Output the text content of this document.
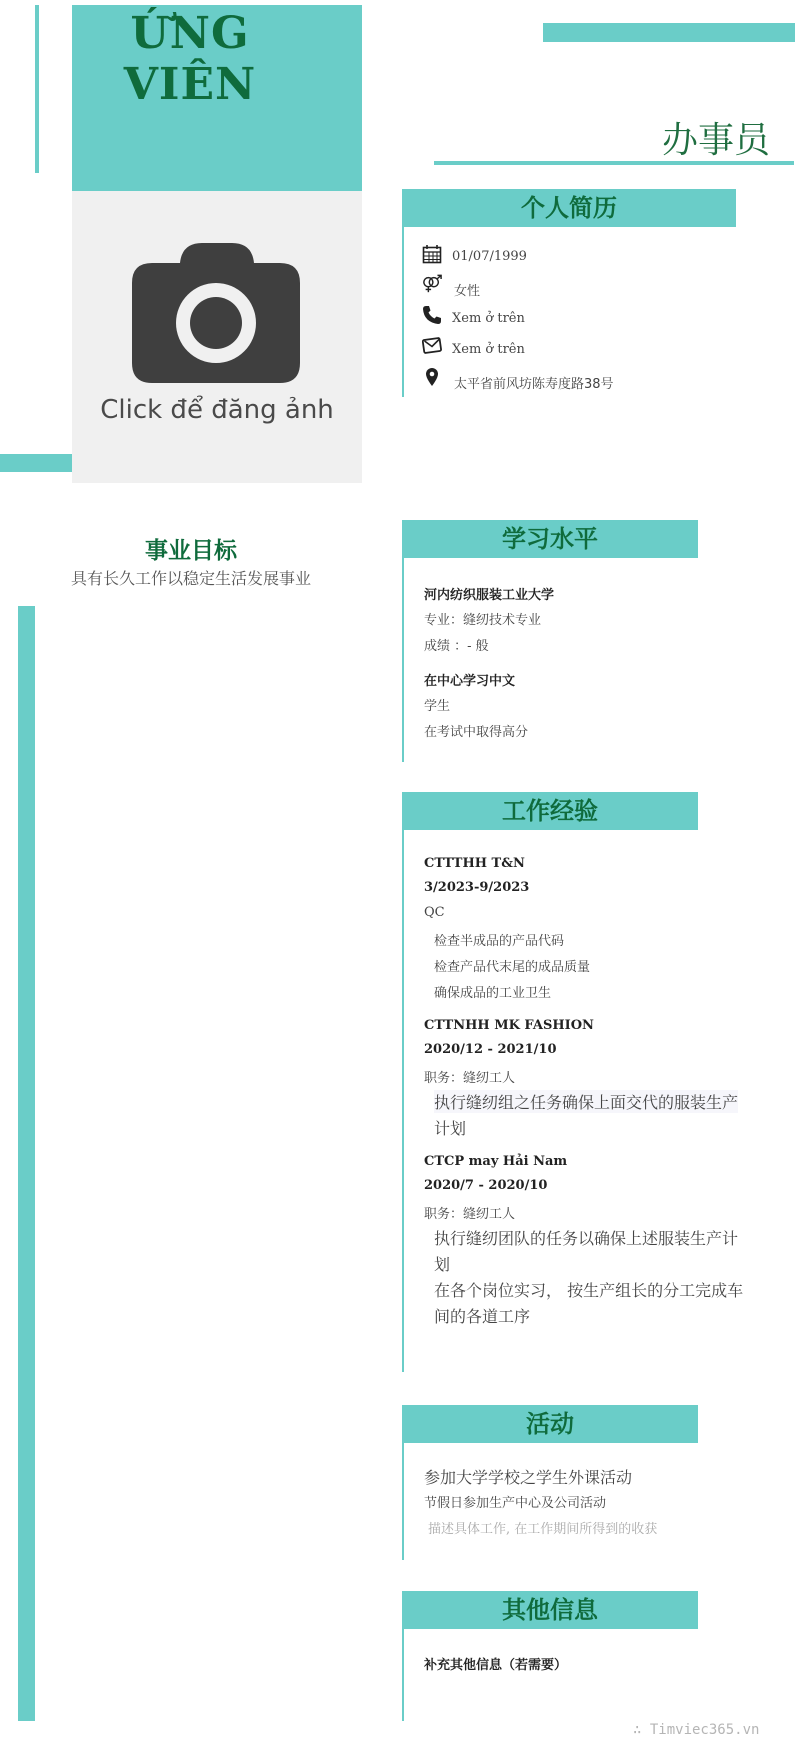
ỨNG VIÊN
Click để đăng ảnh
办事员
事业目标
具有长久工作以稳定生活发展事业
个人简历
01/07/1999
女性
Xem ở trên
Xem ở trên
太平省前风坊陈寿度路38号
学习水平
河内纺织服装工业大学
专业：缝纫技术专业
成绩 ：- 般
在中心学习中文
学生
在考试中取得高分
工作经验
CTTTHH T&N
3/2023-9/2023
QC
检查半成品的产品代码
检查产品代末尾的成品质量
确保成品的工业卫生
CTTNHH MK FASHION
2020/12 - 2021/10
职务：缝纫工人
执行缝纫组之任务确保上面交代的服装生产
计划
CTCP may Hải Nam
2020/7 - 2020/10
职务：缝纫工人
执行缝纫团队的任务以确保上述服装生产计
划
在各个岗位实习， 按生产组长的分工完成车
间的各道工序
活动
参加大学学校之学生外课活动
节假日参加生产中心及公司活动
描述具体工作, 在工作期间所得到的收获
其他信息
补充其他信息（若需要）
∴ Timviec365.vn
